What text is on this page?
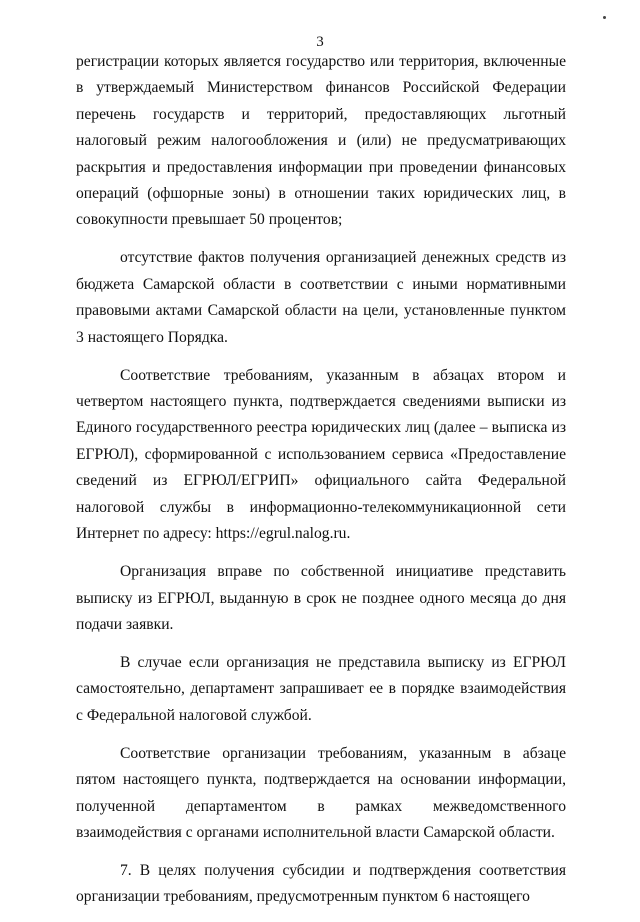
3

регистрации которых является государство или территория, включенные в утверждаемый Министерством финансов Российской Федерации перечень государств и территорий, предоставляющих льготный налоговый режим налогообложения и (или) не предусматривающих раскрытия и предоставления информации при проведении финансовых операций (офшорные зоны) в отношении таких юридических лиц, в совокупности превышает 50 процентов;

отсутствие фактов получения организацией денежных средств из бюджета Самарской области в соответствии с иными нормативными правовыми актами Самарской области на цели, установленные пунктом 3 настоящего Порядка.

Соответствие требованиям, указанным в абзацах втором и четвертом настоящего пункта, подтверждается сведениями выписки из Единого государственного реестра юридических лиц (далее – выписка из ЕГРЮЛ), сформированной с использованием сервиса «Предоставление сведений из ЕГРЮЛ/ЕГРИП» официального сайта Федеральной налоговой службы в информационно-телекоммуникационной сети Интернет по адресу: https://egrul.nalog.ru.

Организация вправе по собственной инициативе представить выписку из ЕГРЮЛ, выданную в срок не позднее одного месяца до дня подачи заявки.

В случае если организация не представила выписку из ЕГРЮЛ самостоятельно, департамент запрашивает ее в порядке взаимодействия с Федеральной налоговой службой.

Соответствие организации требованиям, указанным в абзаце пятом настоящего пункта, подтверждается на основании информации, полученной департаментом в рамках межведомственного взаимодействия с органами исполнительной власти Самарской области.

7. В целях получения субсидии и подтверждения соответствия организации требованиям, предусмотренным пунктом 6 настоящего
